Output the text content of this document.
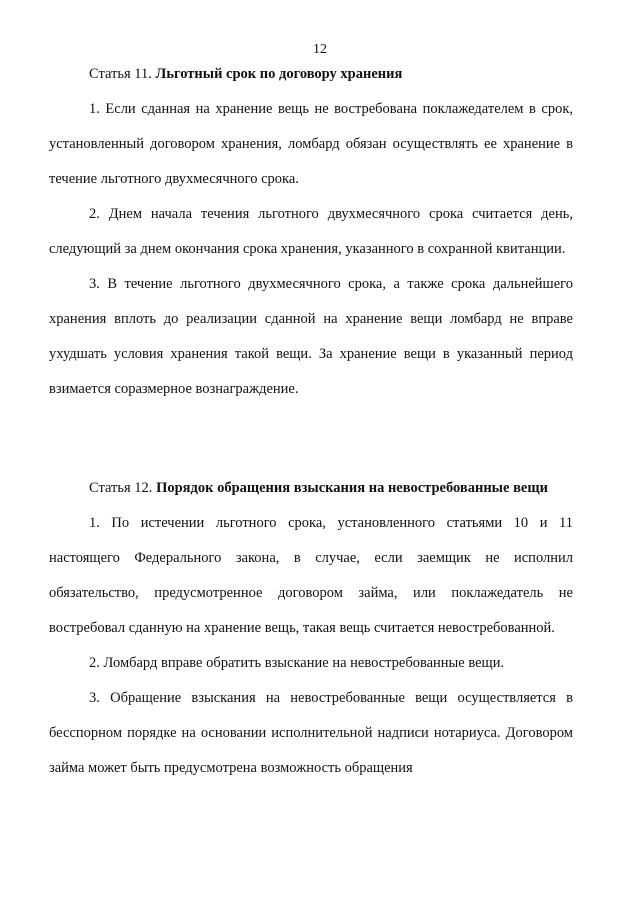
12

Статья 11. Льготный срок по договору хранения

1. Если сданная на хранение вещь не востребована поклажедателем в срок, установленный договором хранения, ломбард обязан осуществлять ее хранение в течение льготного двухмесячного срока.

2. Днем начала течения льготного двухмесячного срока считается день, следующий за днем окончания срока хранения, указанного в сохранной квитанции.

3. В течение льготного двухмесячного срока, а также срока дальнейшего хранения вплоть до реализации сданной на хранение вещи ломбард не вправе ухудшать условия хранения такой вещи. За хранение вещи в указанный период взимается соразмерное вознаграждение.

Статья 12. Порядок обращения взыскания на невостребованные вещи

1. По истечении льготного срока, установленного статьями 10 и 11 настоящего Федерального закона, в случае, если заемщик не исполнил обязательство, предусмотренное договором займа, или поклажедатель не востребовал сданную на хранение вещь, такая вещь считается невостребованной.

2. Ломбард вправе обратить взыскание на невостребованные вещи.

3. Обращение взыскания на невостребованные вещи осуществляется в бесспорном порядке на основании исполнительной надписи нотариуса. Договором займа может быть предусмотрена возможность обращения
